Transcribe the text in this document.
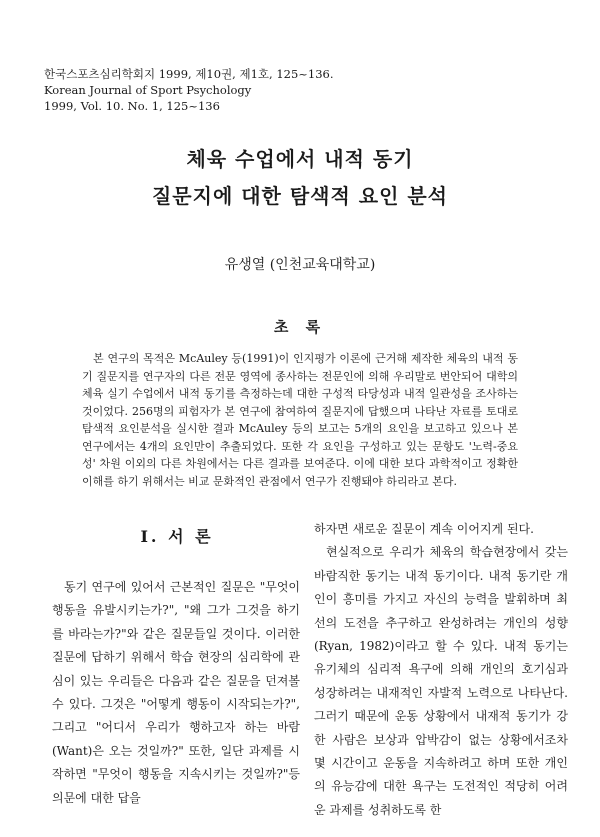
한국스포츠심리학회지 1999, 제10권, 제1호, 125~136.
Korean Journal of Sport Psychology
1999, Vol. 10. No. 1, 125~136
체육 수업에서 내적 동기
질문지에 대한 탐색적 요인 분석
유생열 (인천교육대학교)
초 록

본 연구의 목적은 McAuley 등(1991)이 인지평가 이론에 근거해 제작한 체육의 내적 동기 질문지를 연구자의 다른 전문 영역에 종사하는 전문인에 의해 우리말로 번안되어 대학의 체육 실기 수업에서 내적 동기를 측정하는데 대한 구성적 타당성과 내적 일관성을 조사하는 것이었다. 256명의 피험자가 본 연구에 참여하여 질문지에 답했으며 나타난 자료를 토대로 탐색적 요인분석을 실시한 결과 McAuley 등의 보고는 5개의 요인을 보고하고 있으나 본 연구에서는 4개의 요인만이 추출되었다. 또한 각 요인을 구성하고 있는 문항도 '노력-중요성' 차원 이외의 다른 차원에서는 다른 결과를 보여준다. 이에 대한 보다 과학적이고 정확한 이해를 하기 위해서는 비교 문화적인 관점에서 연구가 진행돼야 하리라고 본다.

Ⅰ. 서 론

동기 연구에 있어서 근본적인 질문은 "무엇이 행동을 유발시키는가?", "왜 그가 그것을 하기를 바라는가?"와 같은 질문들일 것이다. 이러한 질문에 답하기 위해서 학습 현장의 심리학에 관심이 있는 우리들은 다음과 같은 질문을 던져볼 수 있다. 그것은 "어떻게 행동이 시작되는가?", 그리고 "어디서 우리가 행하고자 하는 바람(Want)은 오는 것일까?" 또한, 일단 과제를 시작하면 "무엇이 행동을 지속시키는 것일까?"등 의문에 대한 답을

하자면 새로운 질문이 계속 이어지게 된다.

현실적으로 우리가 체육의 학습현장에서 갖는 바람직한 동기는 내적 동기이다. 내적 동기란 개인이 흥미를 가지고 자신의 능력을 발휘하며 최선의 도전을 추구하고 완성하려는 개인의 성향(Ryan, 1982)이라고 할 수 있다. 내적 동기는 유기체의 심리적 욕구에 의해 개인의 호기심과 성장하려는 내재적인 자발적 노력으로 나타난다. 그러기 때문에 운동 상황에서 내재적 동기가 강한 사람은 보상과 압박감이 없는 상황에서조차 몇 시간이고 운동을 지속하려고 하며 또한 개인의 유능감에 대한 욕구는 도전적인 적당히 어려운 과제를 성취하도록 한
